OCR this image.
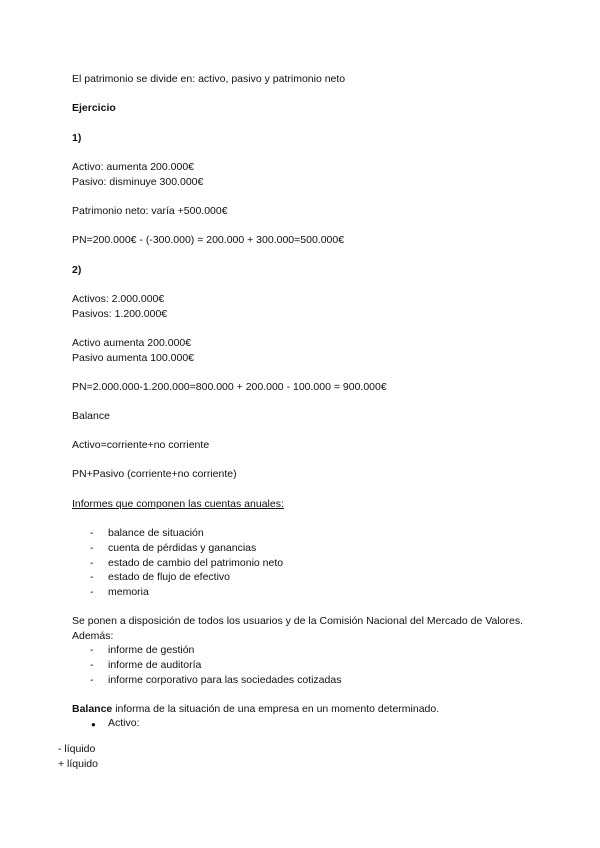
El patrimonio se divide en: activo, pasivo y patrimonio neto

Ejercicio

1)

Activo: aumenta 200.000€

Pasivo: disminuye 300.000€

Patrimonio neto: varía +500.000€

PN=200.000€ - (-300.000) = 200.000 + 300.000=500.000€

2)

Activos: 2.000.000€

Pasivos: 1.200.000€

Activo aumenta 200.000€

Pasivo aumenta 100.000€

PN=2.000.000-1.200.000=800.000 + 200.000 - 100.000 = 900.000€

Balance

Activo=corriente+no corriente

PN+Pasivo (corriente+no corriente)

Informes que componen las cuentas anuales:

- balance de situación
- cuenta de pérdidas y ganancias
- estado de cambio del patrimonio neto
- estado de flujo de efectivo
- memoria

Se ponen a disposición de todos los usuarios y de la Comisión Nacional del Mercado de Valores. Además:

- informe de gestión
- informe de auditoría
- informe corporativo para las sociedades cotizadas

Balance informa de la situación de una empresa en un momento determinado.

● Activo:

- líquido

+ líquido
